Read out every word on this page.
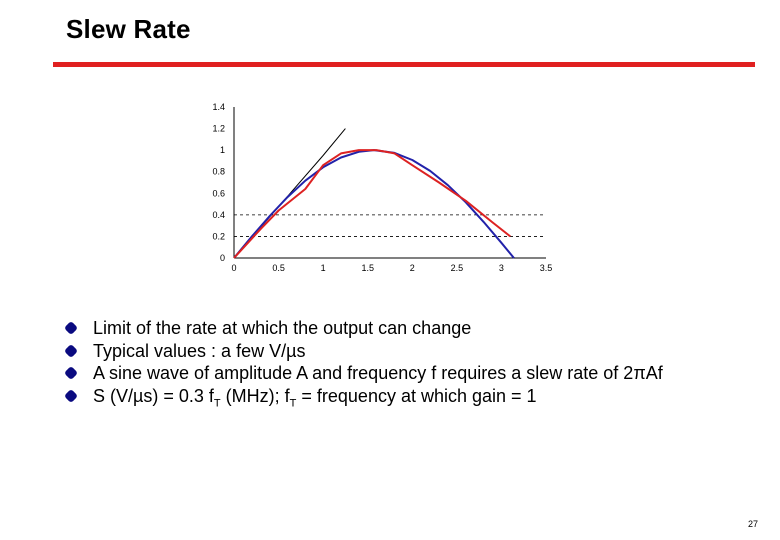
Slew Rate
0	0.5	1	1.5	2	2.5	3	3.5
0
0.2
0.4
0.6
0.8
1
1.2
1.4
Limit of the rate at which the output can change
Typical values : a few V/µs
A sine wave of amplitude A and frequency f requires a slew rate of 2πAf
S (V/µs) = 0.3 $f_T$ (MHz); $f_T$ = frequency at which gain = 1
27
